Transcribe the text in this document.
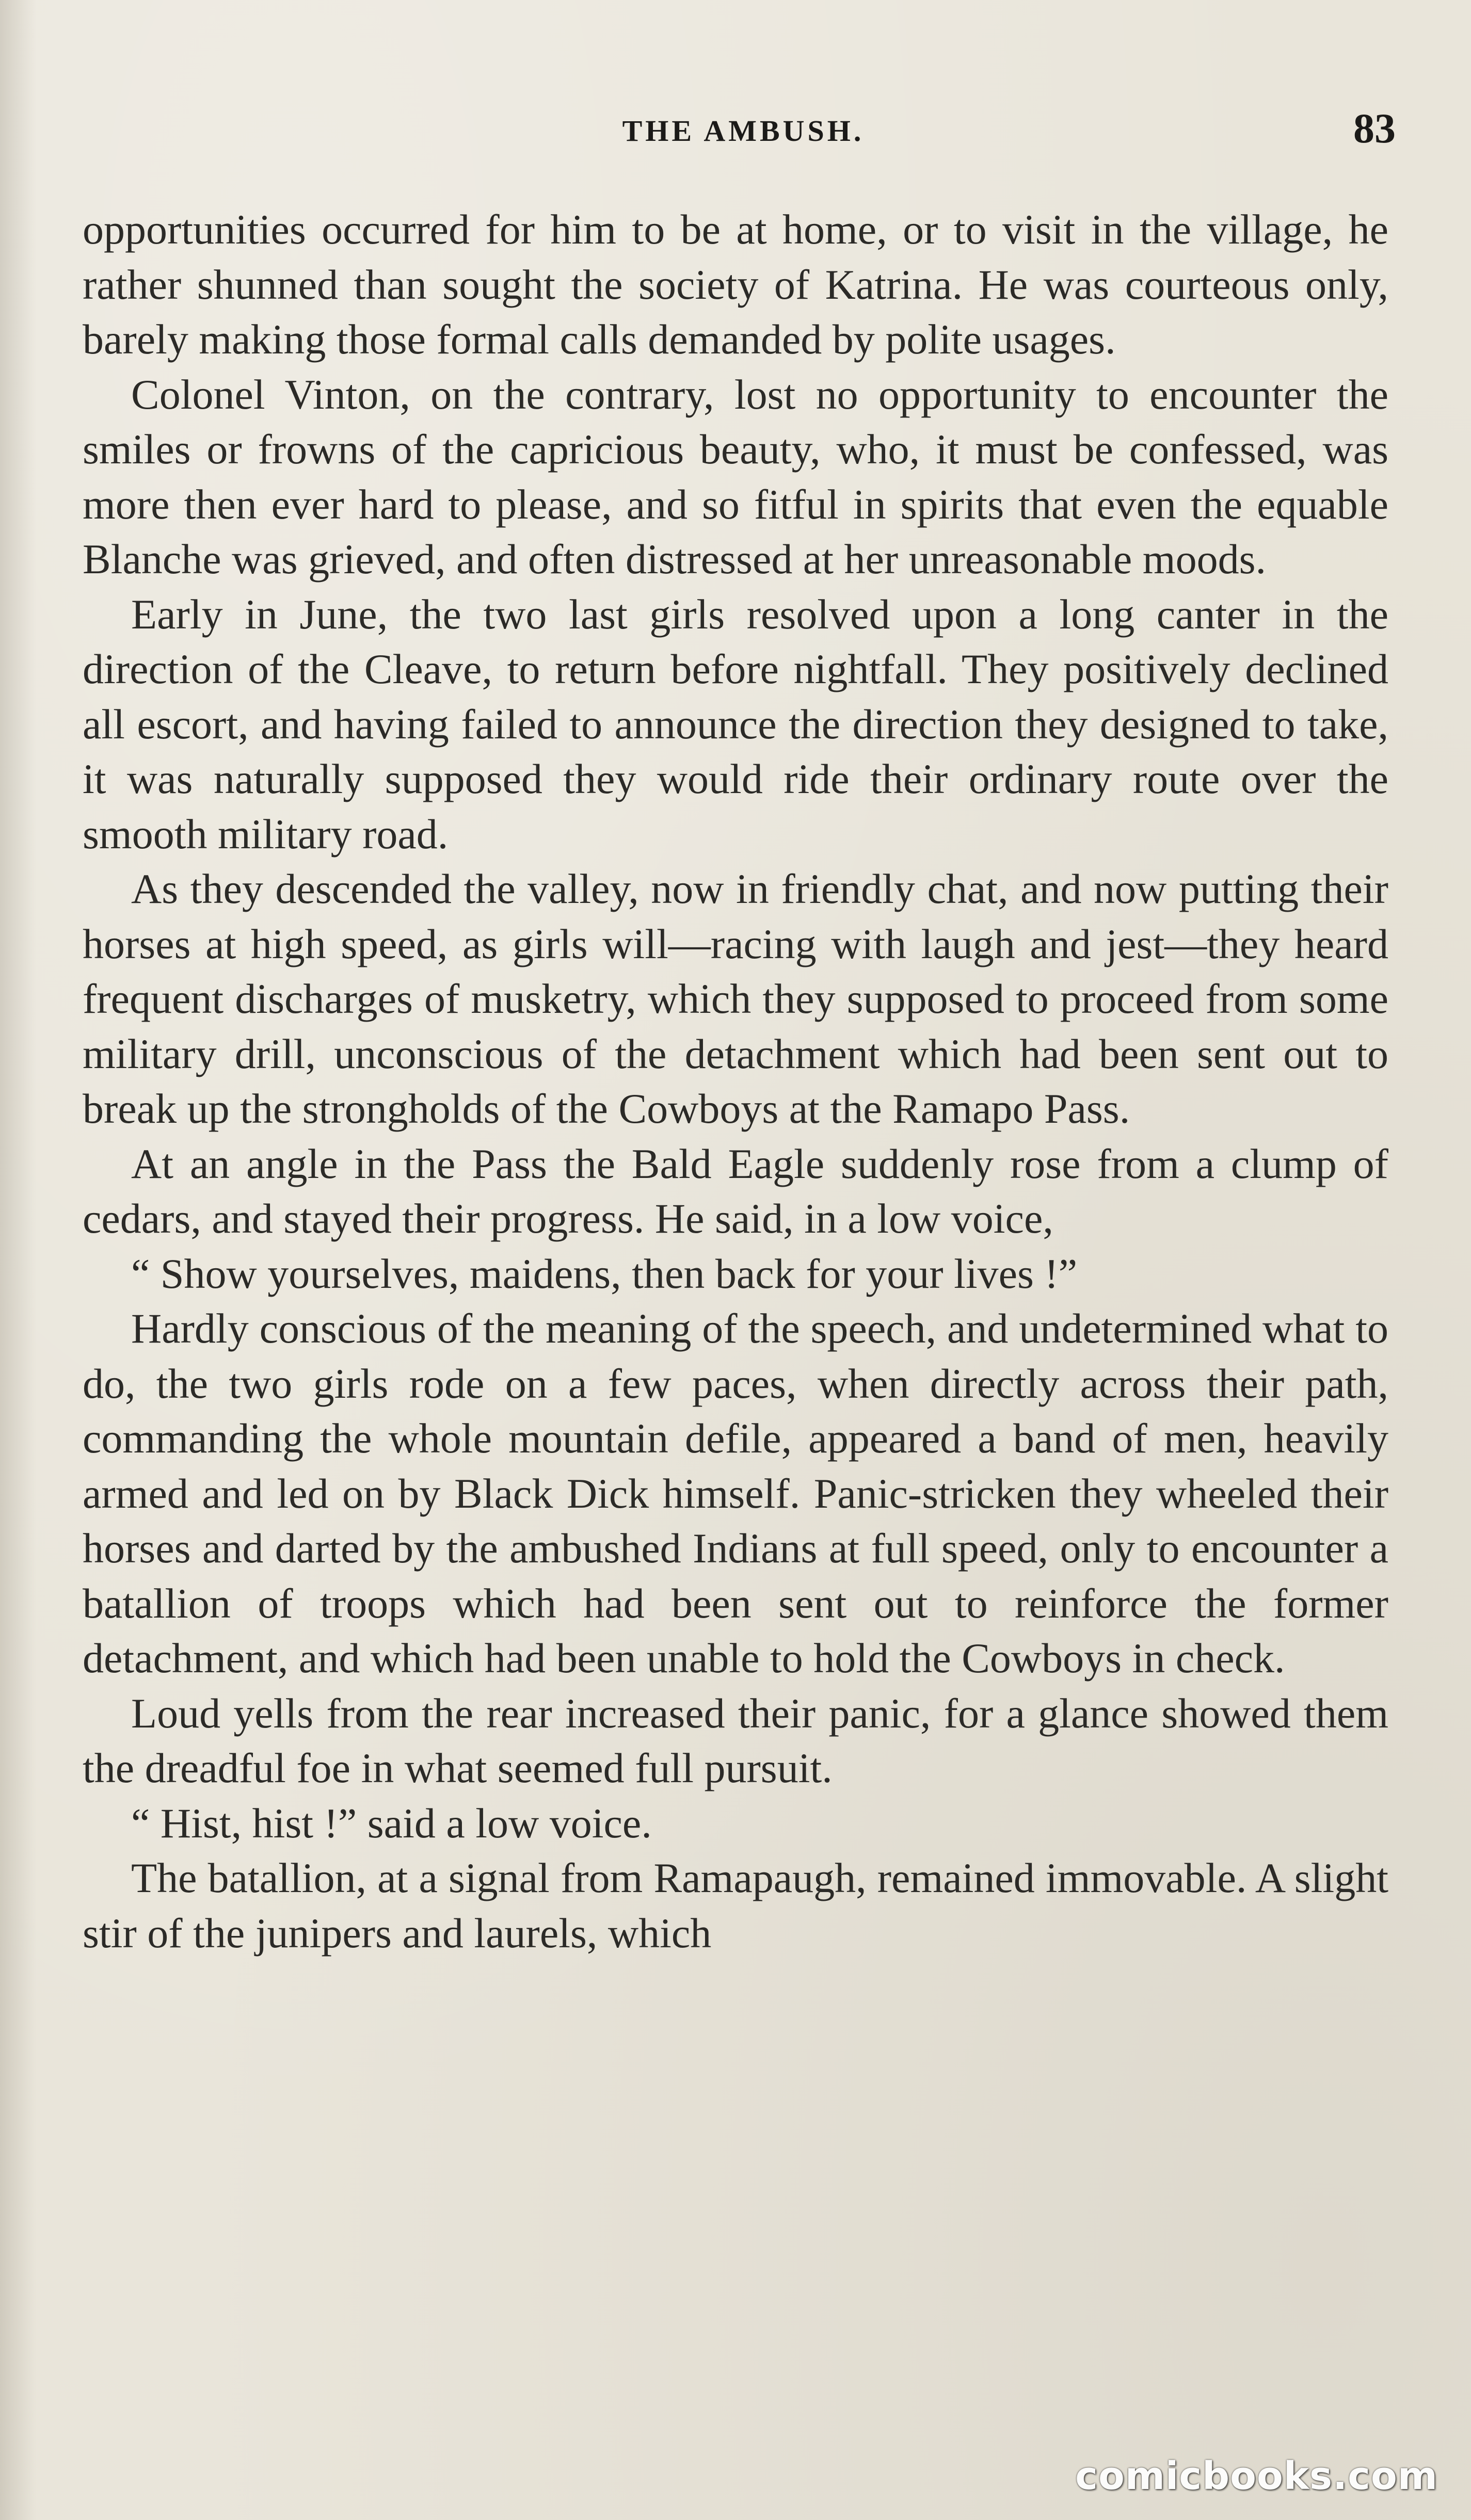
THE AMBUSH.	83

opportunities occurred for him to be at home, or to visit in the village, he rather shunned than sought the society of Katrina. He was courteous only, barely making those formal calls demanded by polite usages.

Colonel Vinton, on the contrary, lost no opportunity to encounter the smiles or frowns of the capricious beauty, who, it must be confessed, was more then ever hard to please, and so fitful in spirits that even the equable Blanche was grieved, and often distressed at her unreasonable moods.

Early in June, the two last girls resolved upon a long canter in the direction of the Cleave, to return before nightfall. They positively declined all escort, and having failed to announce the direction they designed to take, it was naturally supposed they would ride their ordinary route over the smooth military road.

As they descended the valley, now in friendly chat, and now putting their horses at high speed, as girls will—racing with laugh and jest—they heard frequent discharges of musketry, which they supposed to proceed from some military drill, unconscious of the detachment which had been sent out to break up the strongholds of the Cowboys at the Ramapo Pass.

At an angle in the Pass the Bald Eagle suddenly rose from a clump of cedars, and stayed their progress. He said, in a low voice,

“ Show yourselves, maidens, then back for your lives !”

Hardly conscious of the meaning of the speech, and undetermined what to do, the two girls rode on a few paces, when directly across their path, commanding the whole mountain defile, appeared a band of men, heavily armed and led on by Black Dick himself. Panic-stricken they wheeled their horses and darted by the ambushed Indians at full speed, only to encounter a batallion of troops which had been sent out to reinforce the former detachment, and which had been unable to hold the Cowboys in check.

Loud yells from the rear increased their panic, for a glance showed them the dreadful foe in what seemed full pursuit.

“ Hist, hist !” said a low voice.

The batallion, at a signal from Ramapaugh, remained immovable. A slight stir of the junipers and laurels, which

comicbooks.com
